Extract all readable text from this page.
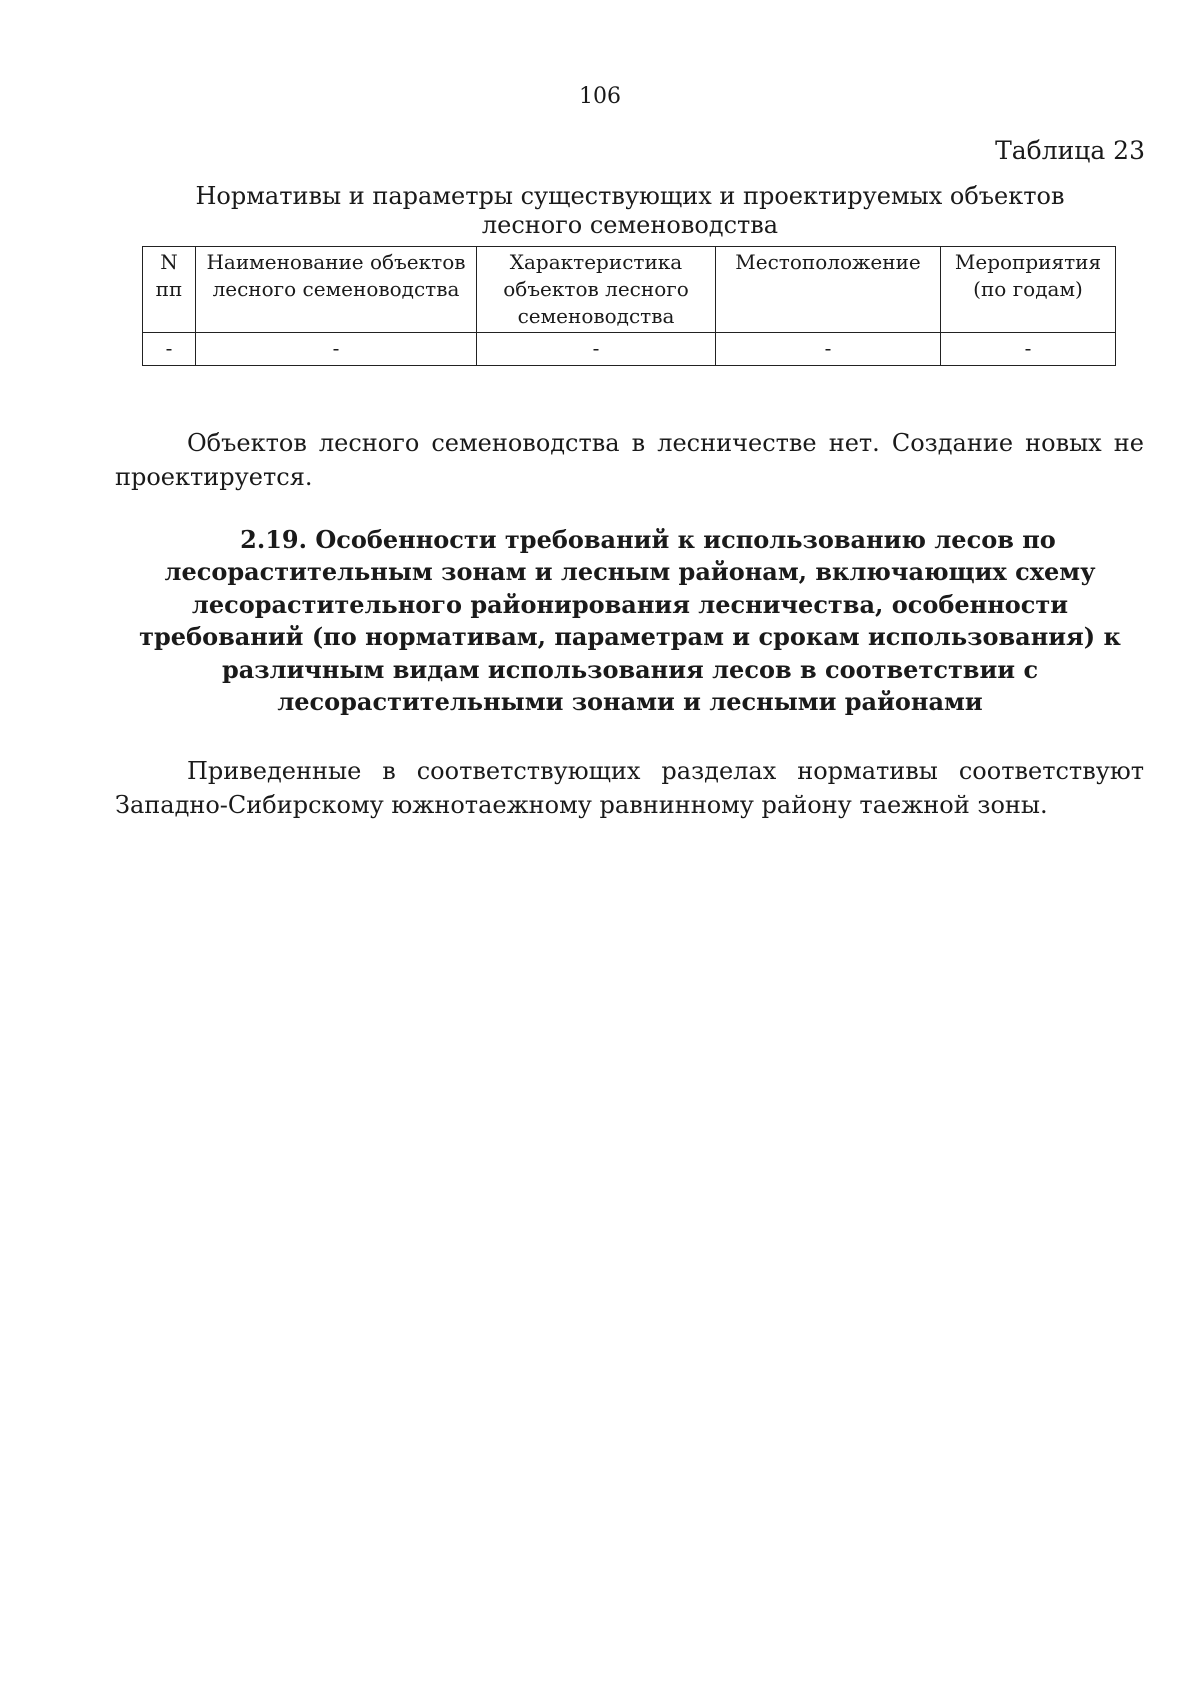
106
Таблица 23
Нормативы и параметры существующих и проектируемых объектов лесного семеноводства
N пп	Наименование объектов лесного семеноводства	Характеристика объектов лесного семеноводства	Местоположение	Мероприятия (по годам)
-	-	-	-	-

Объектов лесного семеноводства в лесничестве нет. Создание новых не проектируется.

2.19. Особенности требований к использованию лесов по лесорастительным зонам и лесным районам, включающих схему лесорастительного районирования лесничества, особенности требований (по нормативам, параметрам и срокам использования) к различным видам использования лесов в соответствии с лесорастительными зонами и лесными районами

Приведенные в соответствующих разделах нормативы соответствуют Западно-Сибирскому южнотаежному равнинному району таежной зоны.
